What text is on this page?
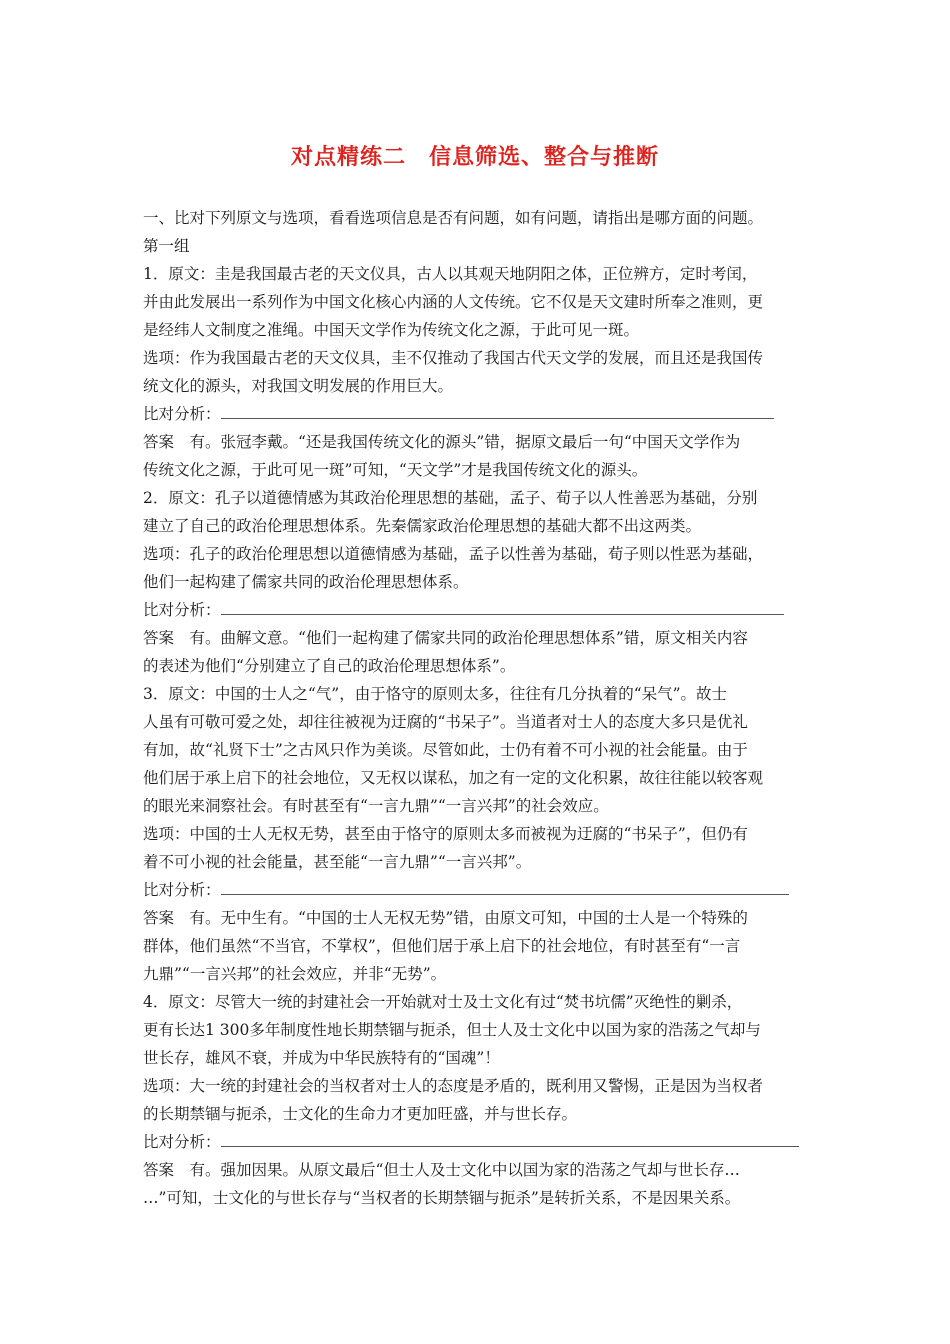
对点精练二　信息筛选、整合与推断
一、比对下列原文与选项，看看选项信息是否有问题，如有问题，请指出是哪方面的问题。
第一组
1．原文：圭是我国最古老的天文仪具，古人以其观天地阴阳之体，正位辨方，定时考闰，
并由此发展出一系列作为中国文化核心内涵的人文传统。它不仅是天文建时所奉之准则，更
是经纬人文制度之准绳。中国天文学作为传统文化之源，于此可见一斑。
选项：作为我国最古老的天文仪具，圭不仅推动了我国古代天文学的发展，而且还是我国传
统文化的源头，对我国文明发展的作用巨大。
比对分析：
答案　有。张冠李戴。“还是我国传统文化的源头”错，据原文最后一句“中国天文学作为
传统文化之源，于此可见一斑”可知，“天文学”才是我国传统文化的源头。
2．原文：孔子以道德情感为其政治伦理思想的基础，孟子、荀子以人性善恶为基础，分别
建立了自己的政治伦理思想体系。先秦儒家政治伦理思想的基础大都不出这两类。
选项：孔子的政治伦理思想以道德情感为基础，孟子以性善为基础，荀子则以性恶为基础，
他们一起构建了儒家共同的政治伦理思想体系。
比对分析：
答案　有。曲解文意。“他们一起构建了儒家共同的政治伦理思想体系”错，原文相关内容
的表述为他们“分别建立了自己的政治伦理思想体系”。
3．原文：中国的士人之“气”，由于恪守的原则太多，往往有几分执着的“呆气”。故士
人虽有可敬可爱之处，却往往被视为迂腐的“书呆子”。当道者对士人的态度大多只是优礼
有加，故“礼贤下士”之古风只作为美谈。尽管如此，士仍有着不可小视的社会能量。由于
他们居于承上启下的社会地位，又无权以谋私，加之有一定的文化积累，故往往能以较客观
的眼光来洞察社会。有时甚至有“一言九鼎”“一言兴邦”的社会效应。
选项：中国的士人无权无势，甚至由于恪守的原则太多而被视为迂腐的“书呆子”，但仍有
着不可小视的社会能量，甚至能“一言九鼎”“一言兴邦”。
比对分析：
答案　有。无中生有。“中国的士人无权无势”错，由原文可知，中国的士人是一个特殊的
群体，他们虽然“不当官，不掌权”，但他们居于承上启下的社会地位，有时甚至有“一言
九鼎”“一言兴邦”的社会效应，并非“无势”。
4．原文：尽管大一统的封建社会一开始就对士及士文化有过“焚书坑儒”灭绝性的剿杀，
更有长达1 300多年制度性地长期禁锢与扼杀，但士人及士文化中以国为家的浩荡之气却与
世长存，雄风不衰，并成为中华民族特有的“国魂”！
选项：大一统的封建社会的当权者对士人的态度是矛盾的，既利用又警惕，正是因为当权者
的长期禁锢与扼杀，士文化的生命力才更加旺盛，并与世长存。
比对分析：
答案　有。强加因果。从原文最后“但士人及士文化中以国为家的浩荡之气却与世长存…
…”可知，士文化的与世长存与“当权者的长期禁锢与扼杀”是转折关系，不是因果关系。
